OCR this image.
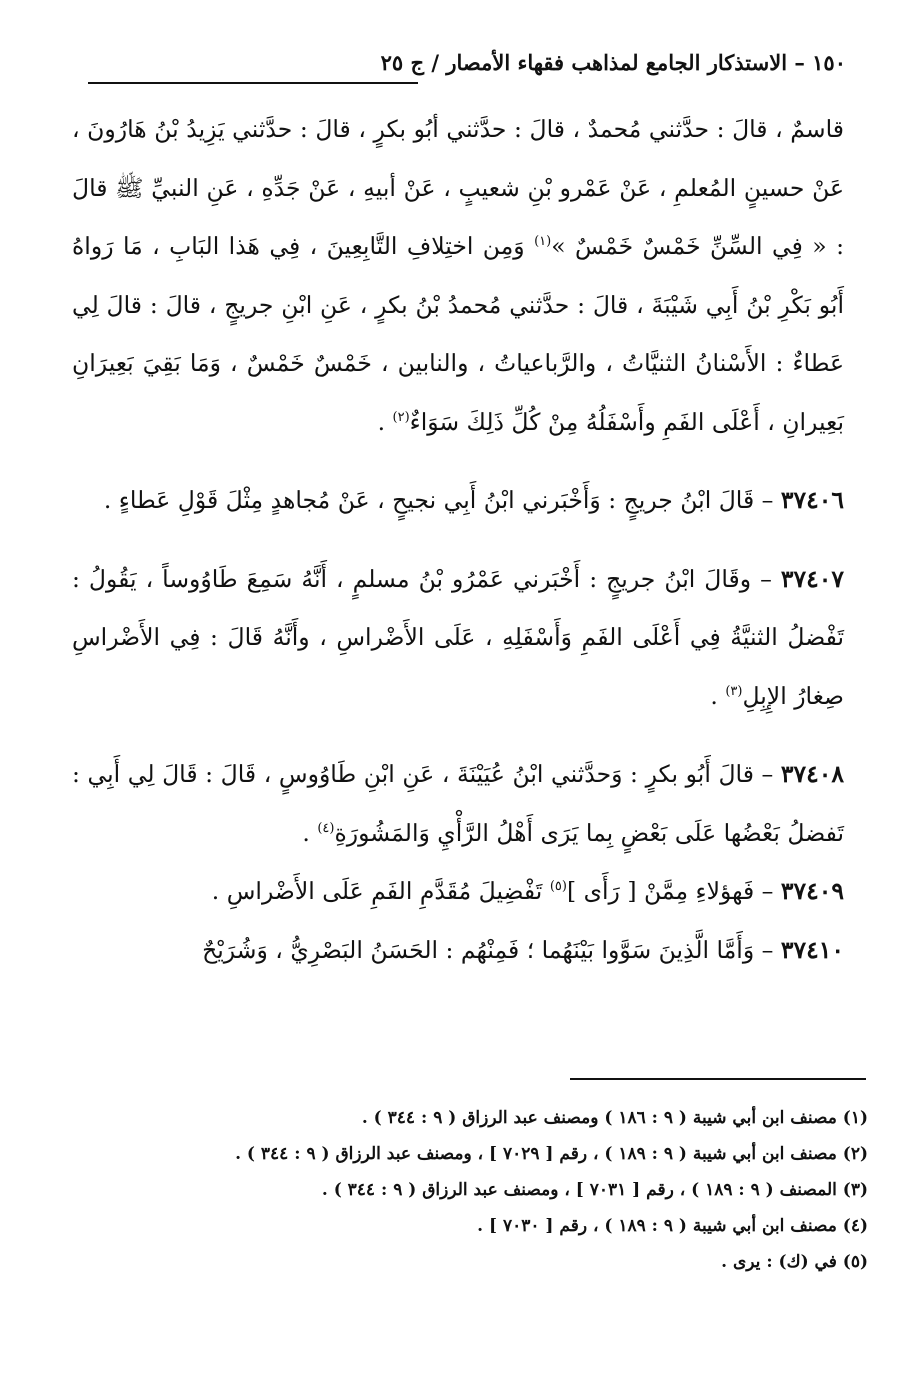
١٥٠ – الاستذكار الجامع لمذاهب فقهاء الأمصار / ج ٢٥

قاسمٌ ، قالَ : حدَّثني مُحمدٌ ، قالَ : حدَّثني أبُو بكرٍ ، قالَ : حدَّثني يَزِيدُ بْنُ هَارُونَ ، عَنْ حسينٍ المُعلمِ ، عَنْ عَمْرو بْنِ شعيبٍ ، عَنْ أبيهِ ، عَنْ جَدِّهِ ، عَنِ النبيِّ ﷺ قالَ : « فِي السِّنِّ خَمْسٌ خَمْسٌ »$^{(١)}$ وَمِن اختِلافِ التَّابِعِينَ ، فِي هَذا البَابِ ، مَا رَواهُ أَبُو بَكْرِ بْنُ أَبِي شَيْبَةَ ، قالَ : حدَّثني مُحمدُ بْنُ بكرٍ ، عَنِ ابْنِ جريجٍ ، قالَ : قالَ لِي عَطاءٌ : الأَسْنانُ الثنيَّاتُ ، والرَّباعياتُ ، والنابين ، خَمْسٌ خَمْسٌ ، وَمَا بَقِيَ بَعِيرَانِ بَعِيرانِ ، أَعْلَى الفَمِ وأَسْفَلُهُ مِنْ كُلِّ ذَلِكَ سَوَاءٌ$^{(٢)}$ .

٣٧٤٠٦ – قَالَ ابْنُ جريجٍ : وَأَخْبَرني ابْنُ أَبِي نجيحٍ ، عَنْ مُجاهدٍ مِثْلَ قَوْلِ عَطاءٍ .

٣٧٤٠٧ – وقَالَ ابْنُ جريجٍ : أَخْبَرني عَمْرُو بْنُ مسلمٍ ، أَنَّهُ سَمِعَ طَاوُوساً ، يَقُولُ : تَفْضلُ الثنيَّةُ فِي أَعْلَى الفَمِ وَأَسْفَلِهِ ، عَلَى الأَضْراسِ ، وأَنَّهُ قَالَ : فِي الأَضْراسِ صِغارُ الإِبِلِ$^{(٣)}$ .

٣٧٤٠٨ – قالَ أَبُو بكرٍ : وَحدَّثني ابْنُ عُيَيْنَةَ ، عَنِ ابْنِ طَاوُوسٍ ، قَالَ : قَالَ لِي أَبِي : تَفضلُ بَعْضُها عَلَى بَعْضٍ بِما يَرَى أَهْلُ الرَّأْيِ وَالمَشُورَةِ$^{(٤)}$ .

٣٧٤٠٩ – فَهؤلاءِ مِمَّنْ [ رَأَى ]$^{(٥)}$ تَفْضِيلَ مُقَدَّمِ الفَمِ عَلَى الأَضْراسِ .

٣٧٤١٠ – وَأَمَّا الَّذِينَ سَوَّوا بَيْنَهُما ؛ فَمِنْهُم : الحَسَنُ البَصْرِيُّ ، وَشُرَيْحٌ

(١) مصنف ابن أبي شيبة ( ٩ : ١٨٦ ) ومصنف عبد الرزاق ( ٩ : ٣٤٤ ) .
(٢) مصنف ابن أبي شيبة ( ٩ : ١٨٩ ) ، رقم [ ٧٠٢٩ ] ، ومصنف عبد الرزاق ( ٩ : ٣٤٤ ) .
(٣) المصنف ( ٩ : ١٨٩ ) ، رقم [ ٧٠٣١ ] ، ومصنف عبد الرزاق ( ٩ : ٣٤٤ ) .
(٤) مصنف ابن أبي شيبة ( ٩ : ١٨٩ ) ، رقم [ ٧٠٣٠ ] .
(٥) في (ك) : يرى .
